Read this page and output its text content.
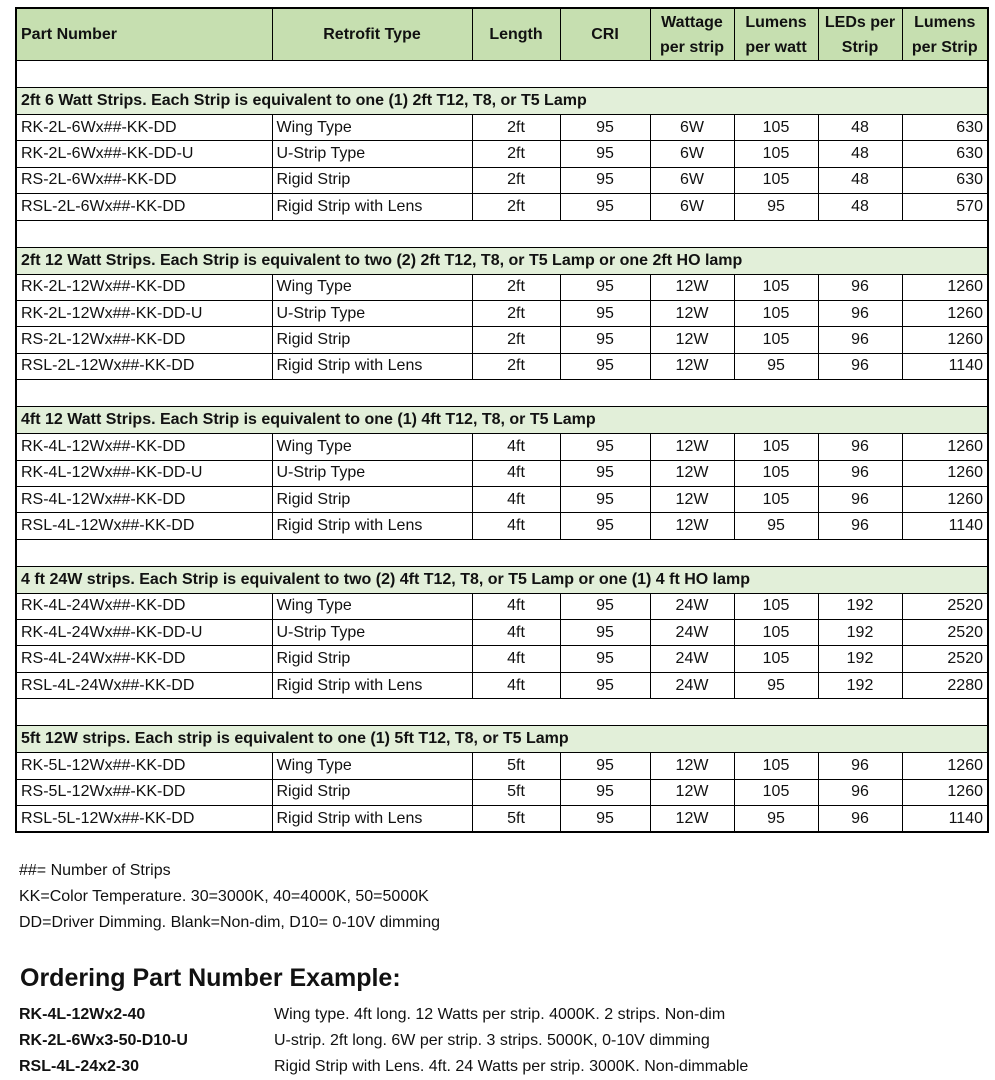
Part Number	Retrofit Type	Length	CRI	Wattage per strip	Lumens per watt	LEDs per Strip	Lumens per Strip

2ft 6 Watt Strips. Each Strip is equivalent to one (1) 2ft T12, T8, or T5 Lamp							
RK-2L-6Wx##-KK-DD	Wing Type	2ft	95	6W	105	48	630
RK-2L-6Wx##-KK-DD-U	U-Strip Type	2ft	95	6W	105	48	630
RS-2L-6Wx##-KK-DD	Rigid Strip	2ft	95	6W	105	48	630
RSL-2L-6Wx##-KK-DD	Rigid Strip with Lens	2ft	95	6W	95	48	570

2ft 12 Watt Strips. Each Strip is equivalent to two (2) 2ft T12, T8, or T5 Lamp or one 2ft HO lamp							
RK-2L-12Wx##-KK-DD	Wing Type	2ft	95	12W	105	96	1260
RK-2L-12Wx##-KK-DD-U	U-Strip Type	2ft	95	12W	105	96	1260
RS-2L-12Wx##-KK-DD	Rigid Strip	2ft	95	12W	105	96	1260
RSL-2L-12Wx##-KK-DD	Rigid Strip with Lens	2ft	95	12W	95	96	1140

4ft 12 Watt Strips. Each Strip is equivalent to one (1) 4ft T12, T8, or T5 Lamp							
RK-4L-12Wx##-KK-DD	Wing Type	4ft	95	12W	105	96	1260
RK-4L-12Wx##-KK-DD-U	U-Strip Type	4ft	95	12W	105	96	1260
RS-4L-12Wx##-KK-DD	Rigid Strip	4ft	95	12W	105	96	1260
RSL-4L-12Wx##-KK-DD	Rigid Strip with Lens	4ft	95	12W	95	96	1140

4 ft 24W strips. Each Strip is equivalent to two (2) 4ft T12, T8, or T5 Lamp or one (1) 4 ft HO lamp							
RK-4L-24Wx##-KK-DD	Wing Type	4ft	95	24W	105	192	2520
RK-4L-24Wx##-KK-DD-U	U-Strip Type	4ft	95	24W	105	192	2520
RS-4L-24Wx##-KK-DD	Rigid Strip	4ft	95	24W	105	192	2520
RSL-4L-24Wx##-KK-DD	Rigid Strip with Lens	4ft	95	24W	95	192	2280

5ft 12W strips. Each strip is equivalent to one (1) 5ft T12, T8, or T5 Lamp							
RK-5L-12Wx##-KK-DD	Wing Type	5ft	95	12W	105	96	1260
RS-5L-12Wx##-KK-DD	Rigid Strip	5ft	95	12W	105	96	1260
RSL-5L-12Wx##-KK-DD	Rigid Strip with Lens	5ft	95	12W	95	96	1140
##= Number of Strips
KK=Color Temperature. 30=3000K, 40=4000K, 50=5000K
DD=Driver Dimming. Blank=Non-dim, D10= 0-10V dimming
Ordering Part Number Example:
RK-4L-12Wx2-40	Wing type. 4ft long. 12 Watts per strip. 4000K. 2 strips. Non-dim
RK-2L-6Wx3-50-D10-U	U-strip. 2ft long. 6W per strip. 3 strips. 5000K, 0-10V dimming
RSL-4L-24x2-30	Rigid Strip with Lens. 4ft. 24 Watts per strip. 3000K. Non-dimmable
